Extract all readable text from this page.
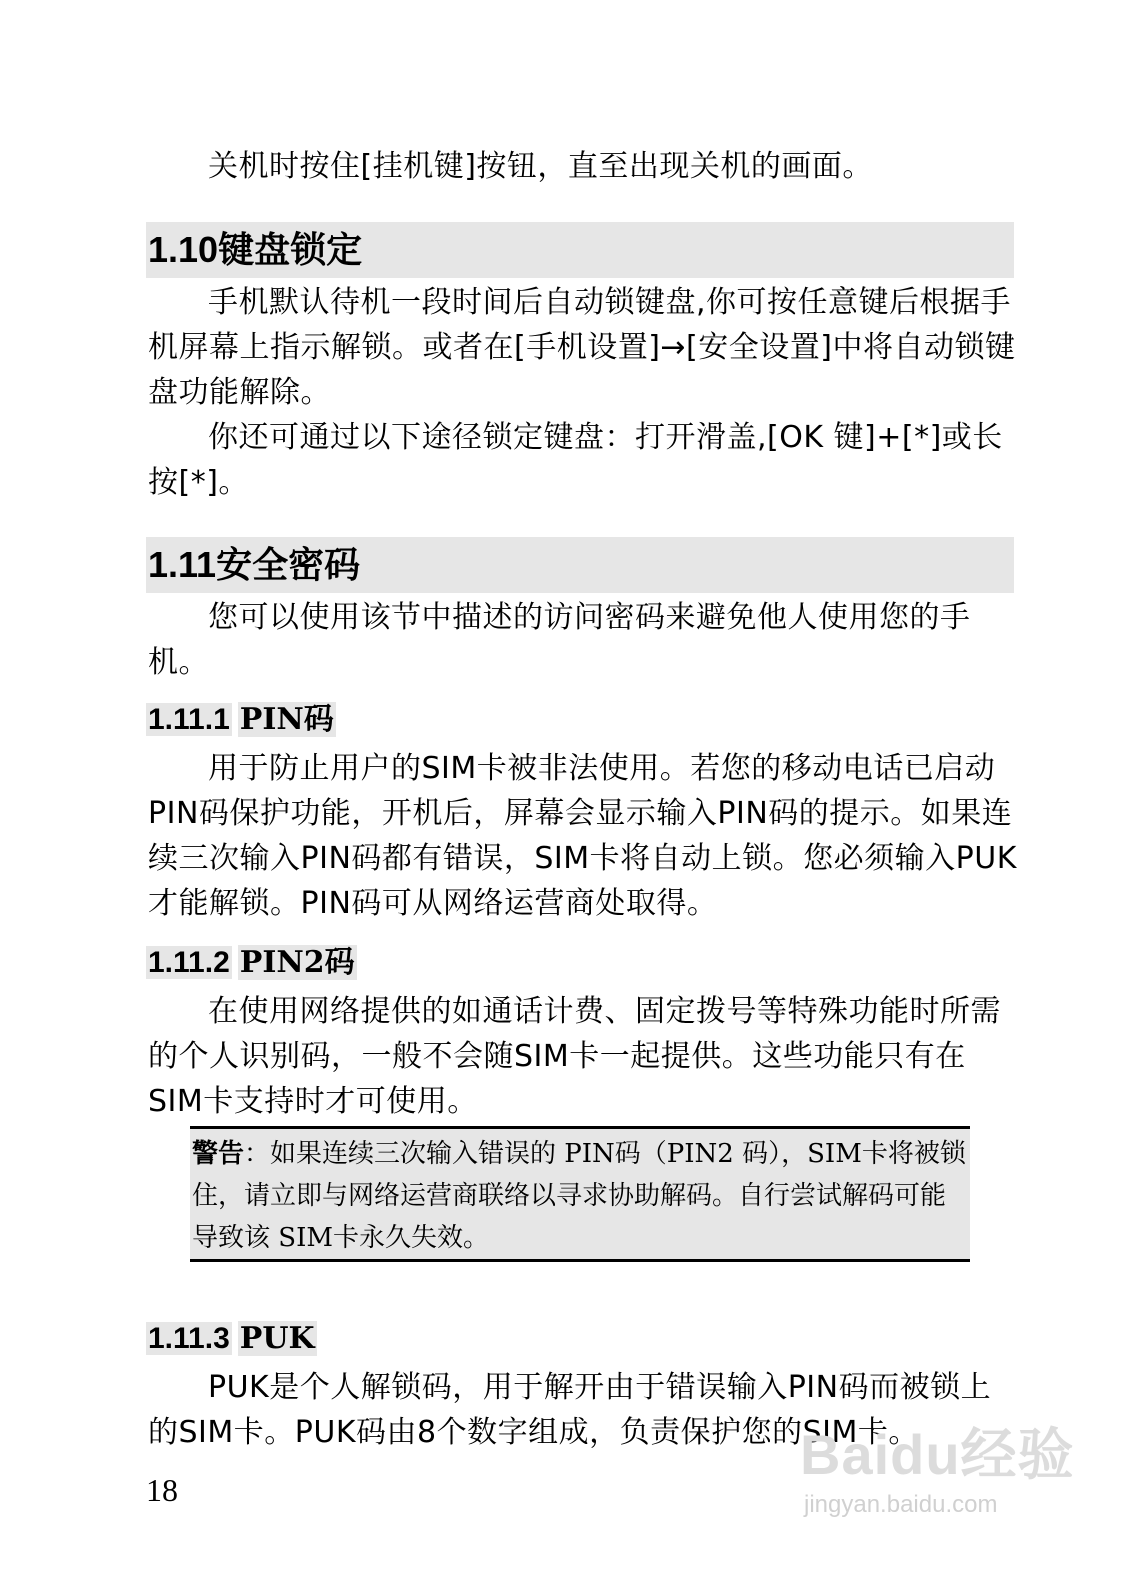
关机时按住[挂机键]按钮，直至出现关机的画面。

1.10键盘锁定

手机默认待机一段时间后自动锁键盘,你可按任意键后根据手机屏幕上指示解锁。或者在[手机设置]→[安全设置]中将自动锁键盘功能解除。

你还可通过以下途径锁定键盘：打开滑盖,[OK 键]+[*]或长按[*]。

1.11安全密码

您可以使用该节中描述的访问密码来避免他人使用您的手机。

1.11.1 PIN码

用于防止用户的SIM卡被非法使用。若您的移动电话已启动PIN码保护功能，开机后，屏幕会显示输入PIN码的提示。如果连续三次输入PIN码都有错误，SIM卡将自动上锁。您必须输入PUK才能解锁。PIN码可从网络运营商处取得。

1.11.2 PIN2码

在使用网络提供的如通话计费、固定拨号等特殊功能时所需的个人识别码，一般不会随SIM卡一起提供。这些功能只有在SIM卡支持时才可使用。

警告：如果连续三次输入错误的 PIN码（PIN2 码），SIM卡将被锁住，请立即与网络运营商联络以寻求协助解码。自行尝试解码可能导致该 SIM卡永久失效。
1.11.3 PUK

PUK是个人解锁码，用于解开由于错误输入PIN码而被锁上的SIM卡。PUK码由8个数字组成，负责保护您的SIM卡。

18
Baidu经验
jingyan.baidu.com
